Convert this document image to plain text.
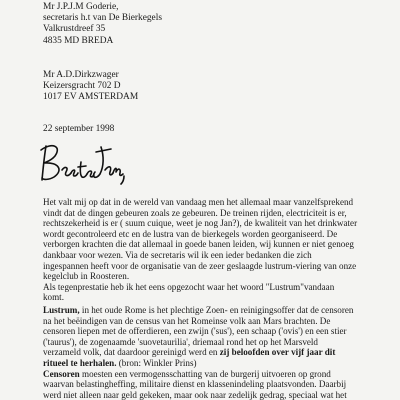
Mr J.P.J.M Goderie,
secretaris h.t van De Bierkegels
Valkrustdreef 35
4835 MD BREDA
Mr A.D.Dirkzwager
Keizersgracht 702 D
1017 EV AMSTERDAM
22 september 1998
Het valt mij op dat in de wereld van vandaag men het allemaal maar vanzelfsprekend
vindt dat de dingen gebeuren zoals ze gebeuren. De treinen rijden, electriciteit is er,
rechtszekerheid is er ( suum cuique, weet je nog Jan?), de kwaliteit van het drinkwater
wordt gecontroleerd etc en de lustra van de bierkegels worden georganiseerd. De
verborgen krachten die dat allemaal in goede banen leiden, wij kunnen er niet genoeg
dankbaar voor wezen. Via de secretaris wil ik een ieder bedanken die zich
ingespannen heeft voor de organisatie van de zeer geslaagde lustrum-viering van onze
kegelclub in Roosteren.
Als tegenprestatie heb ik het eens opgezocht waar het woord "Lustrum"vandaan
komt.
Lustrum, in het oude Rome is het plechtige Zoen- en reinigingsoffer dat de censoren
na het beëindigen van de census van het Romeinse volk aan Mars brachten. De
censoren liepen met de offerdieren, een zwijn ('sus'), een schaap ('ovis') en een stier
('taurus'), de zogenaamde 'suovetaurilia', driemaal rond het op het Marsveld
verzameld volk, dat daardoor gereinigd werd en zij beloofden over vijf jaar dit
ritueel te herhalen. (bron: Winkler Prins)
Censoren moesten een vermogensschatting van de burgerij uitvoeren op grond
waarvan belastingheffing, militaire dienst en klassenindeling plaatsvonden. Daarbij
werd niet alleen naar geld gekeken, maar ook naar zedelijk gedrag, speciaal wat het
